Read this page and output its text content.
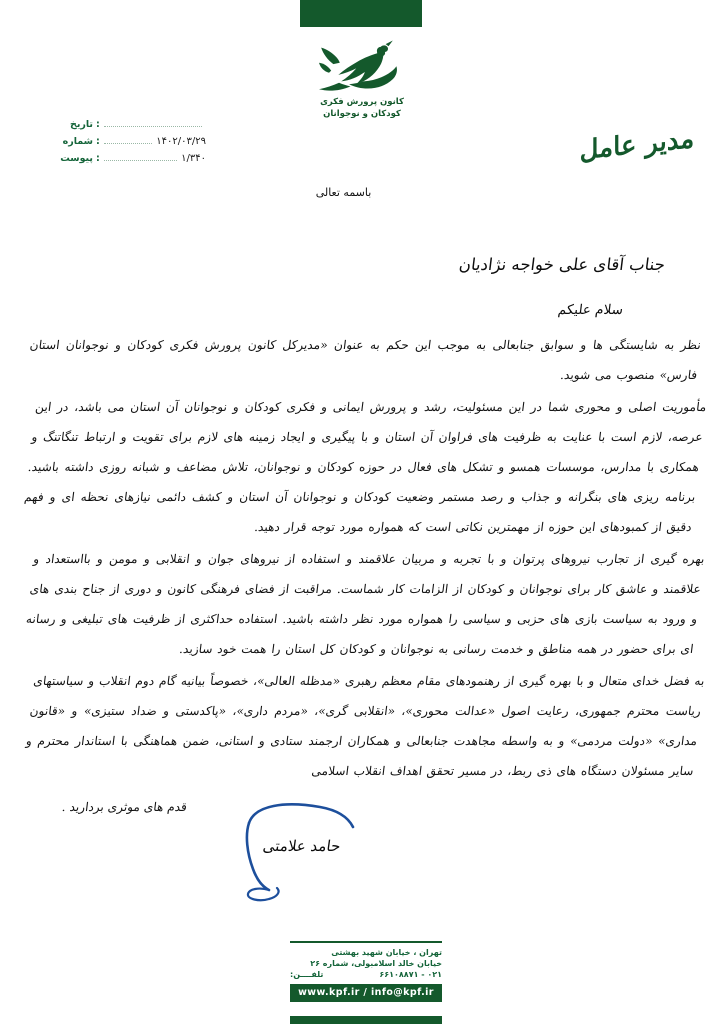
کانون پرورش فکری
کودکان و نوجوانان
تاریخ :
شماره :	۱۴۰۲/۰۳/۲۹
پیوست :	۱/۳۴۰	مدیر عامل
باسمه تعالی
جناب آقای علی خواجه نژادیان
سلام علیکم

نظر به شایستگی ها و سوابق جنابعالی به موجب این حکم به عنوان «مدیرکل کانون پرورش فکری کودکان و نوجوانان استان فارس» منصوب می شوید.

مأموریت اصلی و محوری شما در این مسئولیت، رشد و پرورش ایمانی و فکری کودکان و نوجوانان آن استان می باشد، در این عرصه، لازم است با عنایت به ظرفیت های فراوان آن استان و با پیگیری و ایجاد زمینه های لازم برای تقویت و ارتباط تنگاتنگ و همکاری با مدارس، موسسات همسو و تشکل های فعال در حوزه کودکان و نوجوانان، تلاش مضاعف و شبانه روزی داشته باشید. برنامه ریزی های بنگرانه و جذاب و رصد مستمر وضعیت کودکان و نوجوانان آن استان و کشف دائمی نیازهای نحظه ای و فهم دقیق از کمبودهای این حوزه از مهمترین نکاتی است که همواره مورد توجه قرار دهید.

بهره گیری از تجارب نیروهای پرتوان و با تجربه و مربیان علاقمند و استفاده از نیروهای جوان و انقلابی و مومن و بااستعداد و علاقمند و عاشق کار برای نوجوانان و کودکان از الزامات کار شماست. مراقبت از فضای فرهنگی کانون و دوری از جناح بندی های و ورود به سیاست بازی های حزبی و سیاسی را همواره مورد نظر داشته باشید. استفاده حداکثری از ظرفیت های تبلیغی و رسانه ای برای حضور در همه مناطق و خدمت رسانی به نوجوانان و کودکان کل استان را همت خود سازید.

به فضل خدای متعال و با بهره گیری از رهنمودهای مقام معظم رهبری «مدظله العالی»، خصوصاً بیانیه گام دوم انقلاب و سیاستهای ریاست محترم جمهوری، رعایت اصول «عدالت محوری»، «انقلابی گری»، «مردم داری»، «پاکدستی و ضداد ستیزی» و «قانون مداری» «دولت مردمی» و به واسطه مجاهدت جنابعالی و همکاران ارجمند ستادی و استانی، ضمن هماهنگی با استاندار محترم و سایر مسئولان دستگاه های ذی ربط، در مسیر تحقق اهداف انقلاب اسلامی

قدم های موثری بردارید .
حامد علامتی
تهران ، خیابان شهید بهشتی
خیابان خالد اسلامبولی، شماره ۲۶
تلفــــن:	۶۶۱۰۸۸۷۱ - ۰۲۱
www.kpf.ir / info@kpf.ir
